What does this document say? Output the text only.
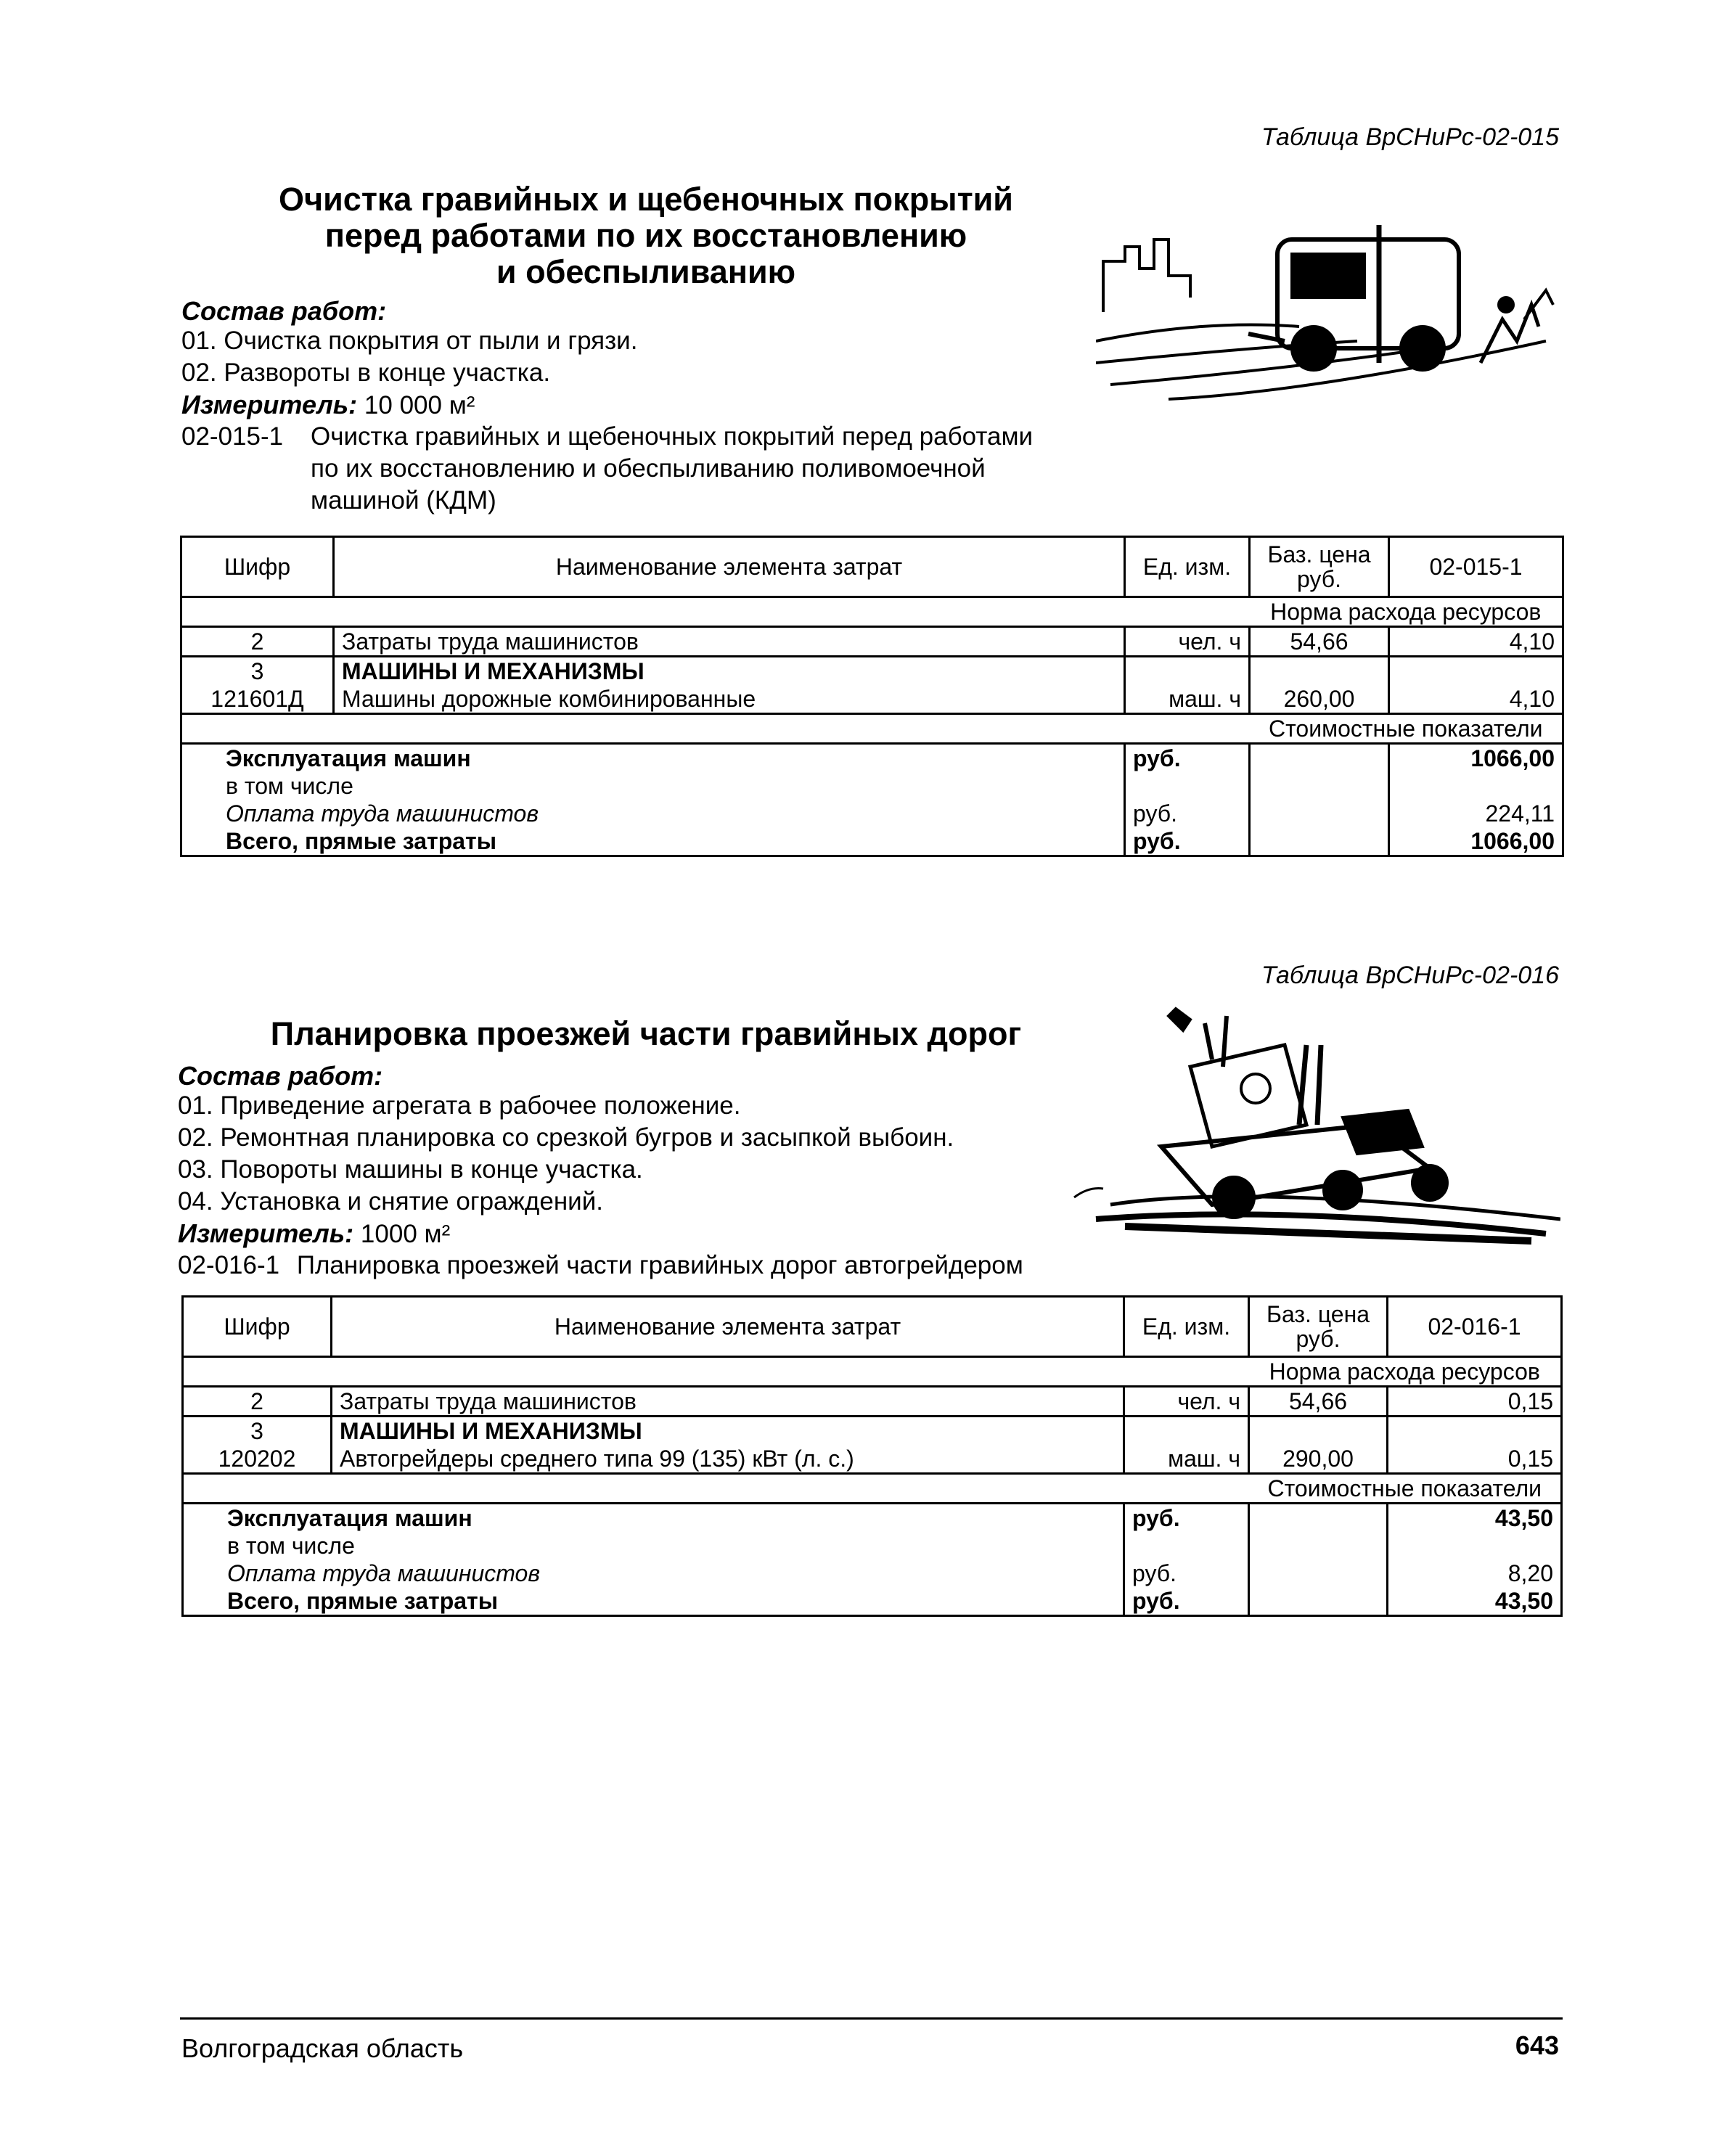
Таблица ВрСНиРс-02-015
Очистка гравийных и щебеночных покрытий
перед работами по их восстановлению
и обеспыливанию
Состав работ:
01. Очистка покрытия от пыли и грязи.
02. Развороты в конце участка.
Измеритель: 10 000 м²
02-015-1 Очистка гравийных и щебеночных покрытий перед работами
по их восстановлению и обеспыливанию поливомоечной
машиной (КДМ)
Шифр	Наименование элемента затрат	Ед. изм.	Баз. цена руб.	02-015-1
			Норма расхода ресурсов	
2	Затраты труда машинистов	чел. ч	54,66	4,10
3	МАШИНЫ И МЕХАНИЗМЫ			
121601Д	Машины дорожные комбинированные	маш. ч	260,00	4,10
			Стоимостные показатели	
Эксплуатация машин		руб.		1066,00
в том числе				
Оплата труда машинистов		руб.		224,11
Всего, прямые затраты		руб.		1066,00
Таблица ВрСНиРс-02-016
Планировка проезжей части гравийных дорог
Состав работ:
01. Приведение агрегата в рабочее положение.
02. Ремонтная планировка со срезкой бугров и засыпкой выбоин.
03. Повороты машины в конце участка.
04. Установка и снятие ограждений.
Измеритель: 1000 м²
02-016-1 Планировка проезжей части гравийных дорог автогрейдером
Шифр	Наименование элемента затрат	Ед. изм.	Баз. цена руб.	02-016-1
			Норма расхода ресурсов	
2	Затраты труда машинистов	чел. ч	54,66	0,15
3	МАШИНЫ И МЕХАНИЗМЫ			
120202	Автогрейдеры среднего типа 99 (135) кВт (л. с.)	маш. ч	290,00	0,15
			Стоимостные показатели	
Эксплуатация машин		руб.		43,50
в том числе				
Оплата труда машинистов		руб.		8,20
Всего, прямые затраты		руб.		43,50
Волгоградская область	643
